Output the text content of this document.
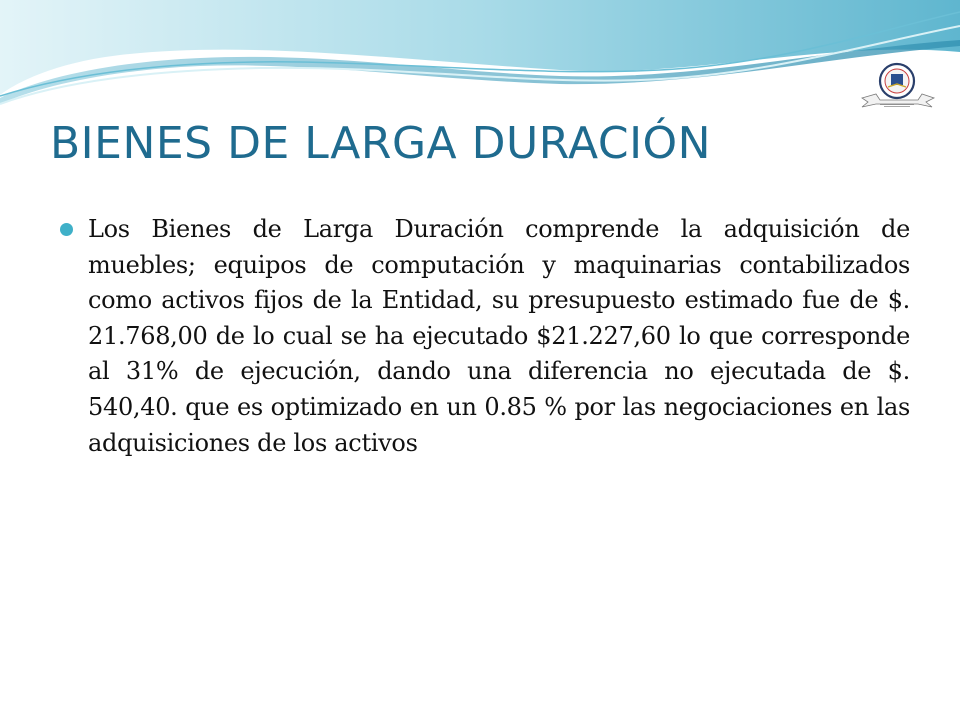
BIENES DE LARGA DURACIÓN
Los Bienes de Larga Duración comprende la adquisición de muebles; equipos de computación y maquinarias contabilizados como activos fijos de la Entidad, su presupuesto estimado fue de $. 21.768,00 de lo cual se ha ejecutado $21.227,60 lo que corresponde al 31% de ejecución, dando una diferencia no ejecutada de $. 540,40. que es optimizado en un 0.85 % por las negociaciones en las adquisiciones de los activos
